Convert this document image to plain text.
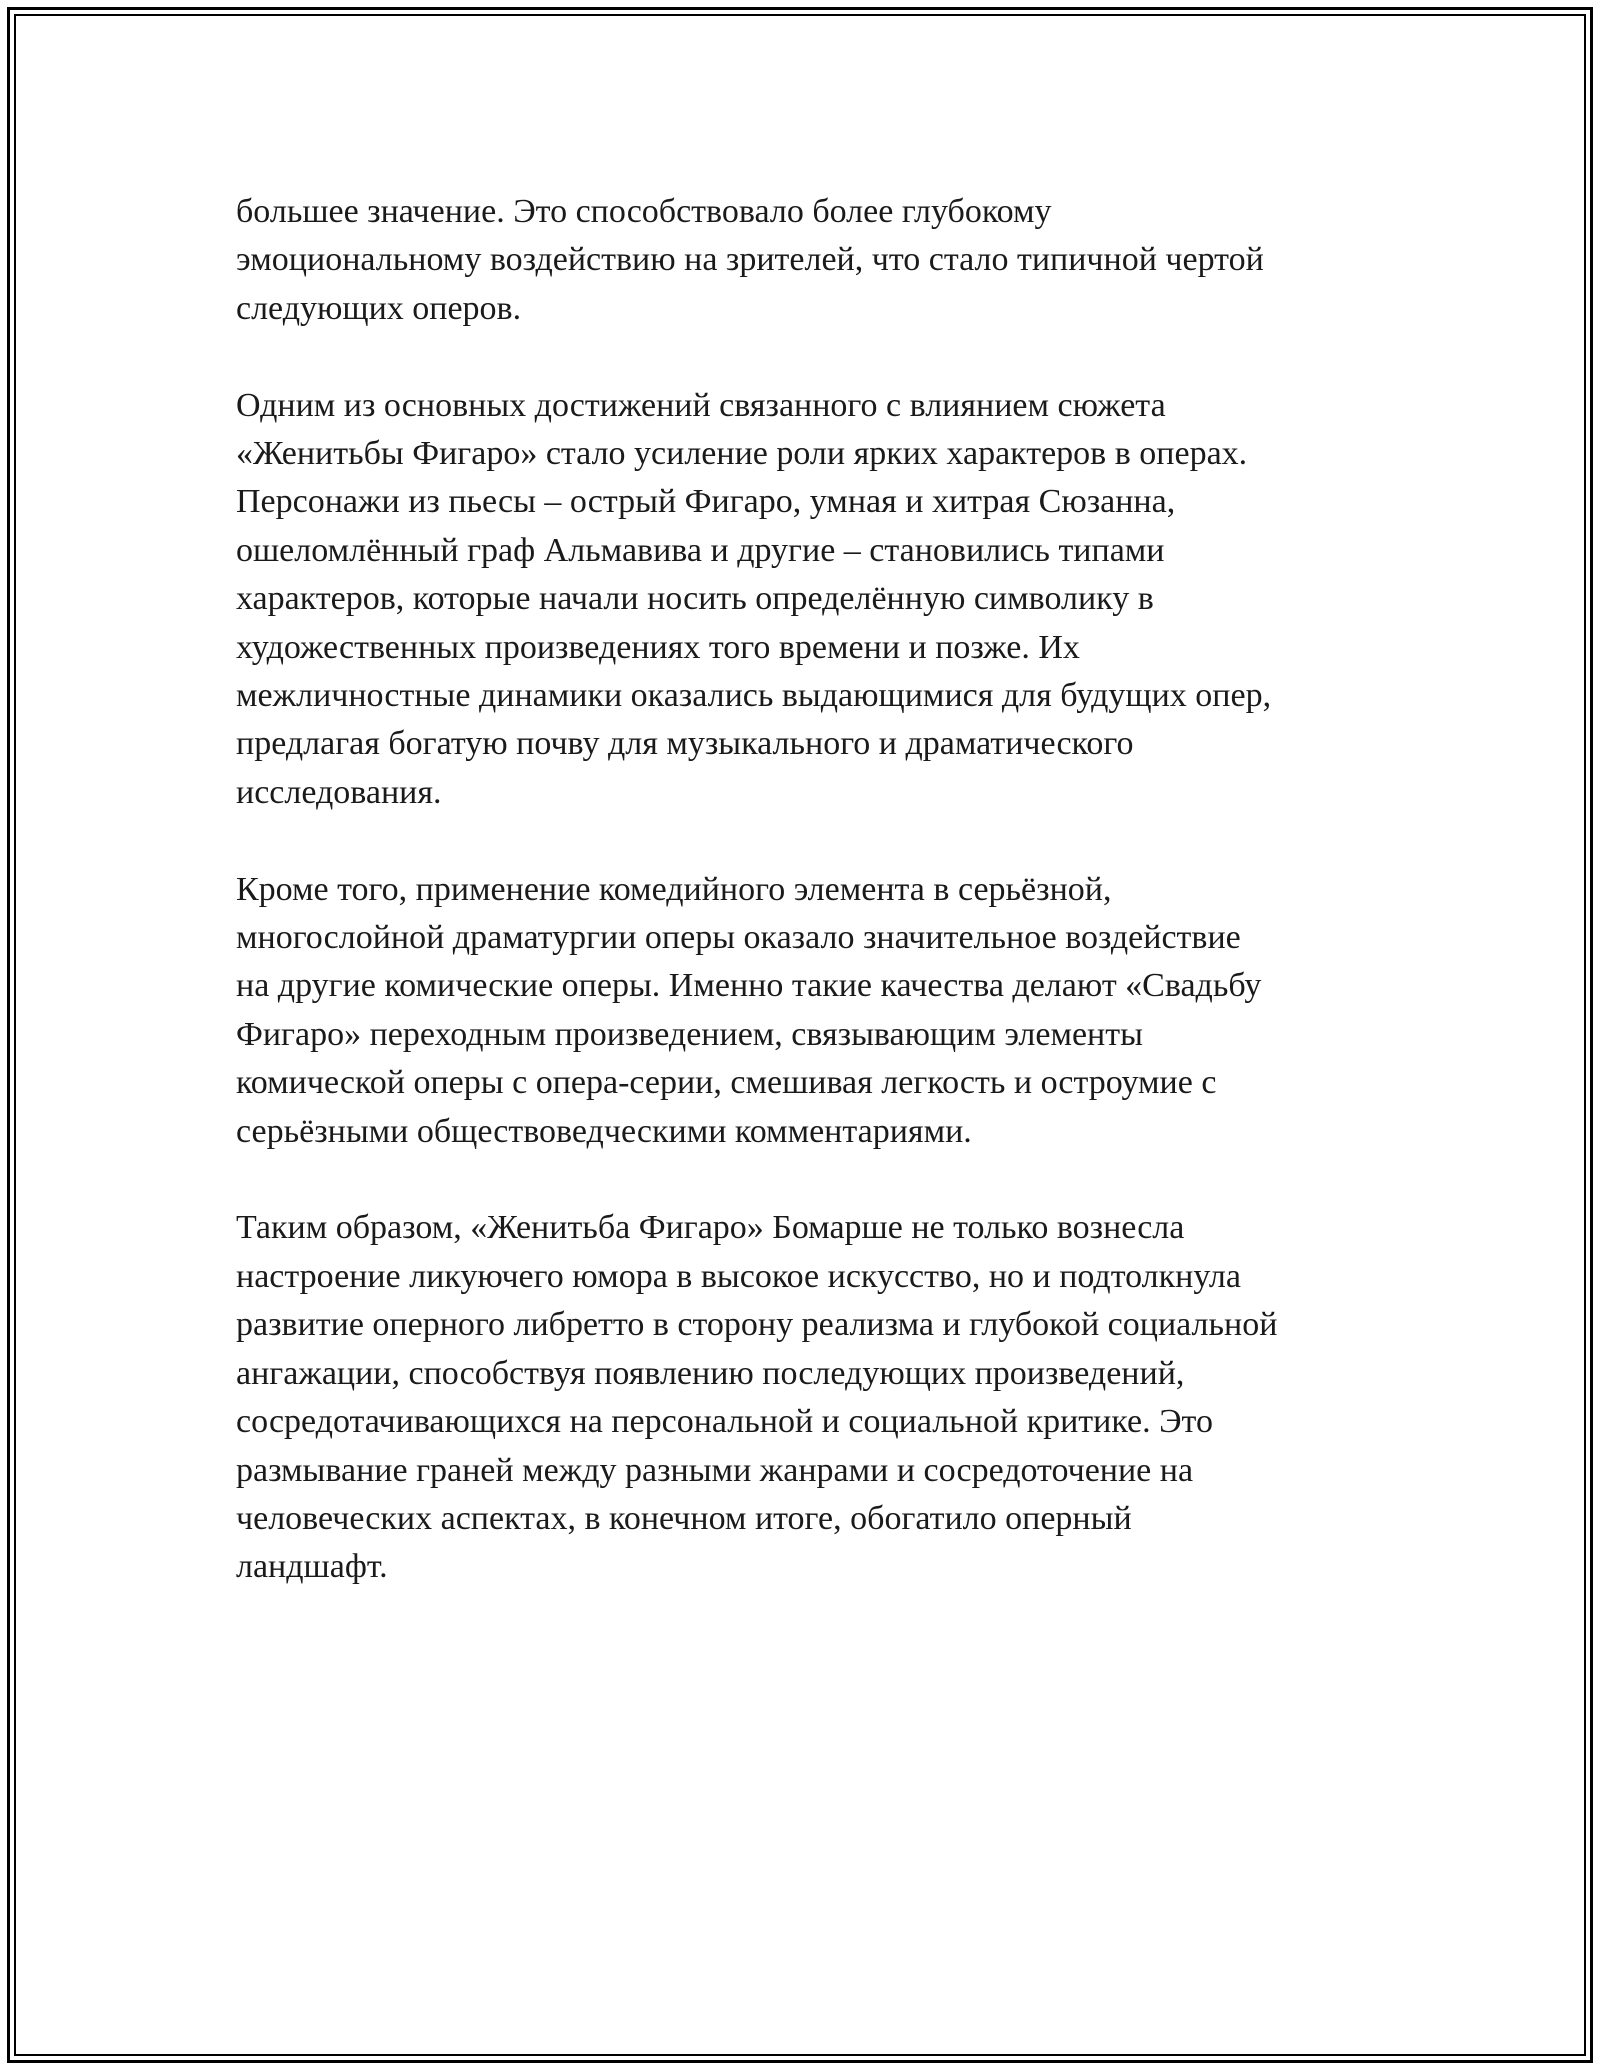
большее значение. Это способствовало более глубокому
эмоциональному воздействию на зрителей, что стало типичной чертой
следующих оперов.

Одним из основных достижений связанного с влиянием сюжета
«Женитьбы Фигаро» стало усиление роли ярких характеров в операх.
Персонажи из пьесы – острый Фигаро, умная и хитрая Сюзанна,
ошеломлённый граф Альмавива и другие – становились типами
характеров, которые начали носить определённую символику в
художественных произведениях того времени и позже. Их
межличностные динамики оказались выдающимися для будущих опер,
предлагая богатую почву для музыкального и драматического
исследования.

Кроме того, применение комедийного элемента в серьёзной,
многослойной драматургии оперы оказало значительное воздействие
на другие комические оперы. Именно такие качества делают «Свадьбу
Фигаро» переходным произведением, связывающим элементы
комической оперы с опера-серии, смешивая легкость и остроумие с
серьёзными обществоведческими комментариями.

Таким образом, «Женитьба Фигаро» Бомарше не только вознесла
настроение ликуючего юмора в высокое искусство, но и подтолкнула
развитие оперного либретто в сторону реализма и глубокой социальной
ангажации, способствуя появлению последующих произведений,
сосредотачивающихся на персональной и социальной критике. Это
размывание граней между разными жанрами и сосредоточение на
человеческих аспектах, в конечном итоге, обогатило оперный
ландшафт.
